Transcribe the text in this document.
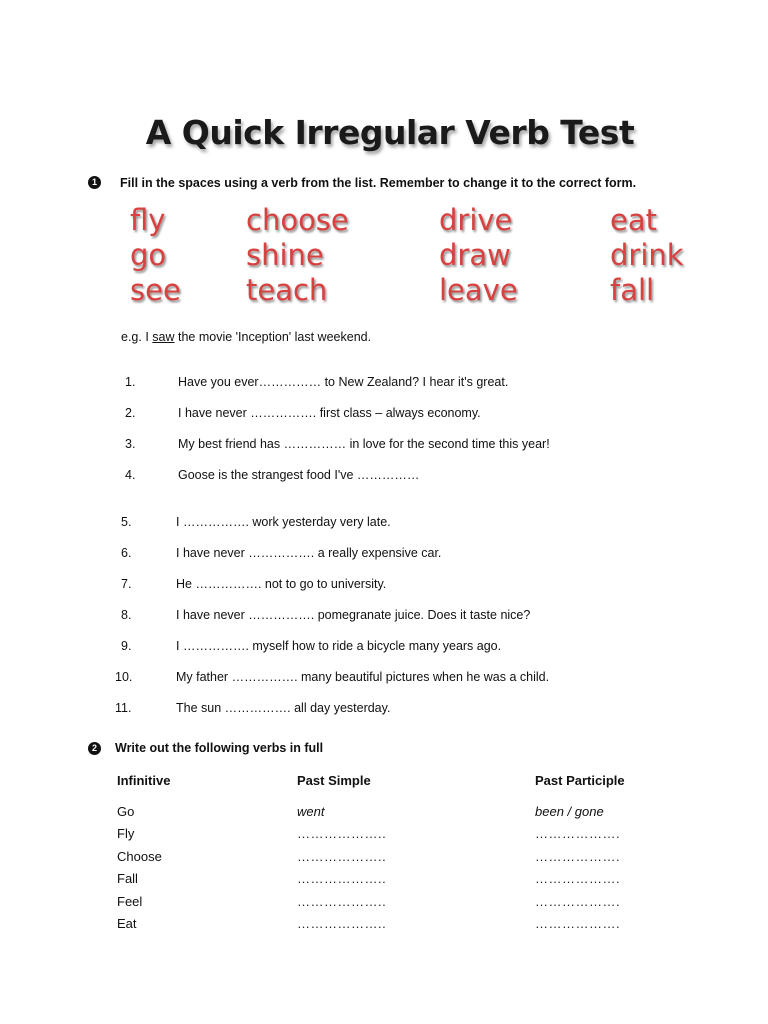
A Quick Irregular Verb Test
1	Fill in the spaces using a verb from the list. Remember to change it to the correct form.
fly
go
see
choose
shine
teach
drive
draw
leave
eat
drink
fall
e.g. I saw the movie 'Inception' last weekend.
1.	Have you ever…………… to New Zealand? I hear it's great.
2.	I have never ……………. first class – always economy.
3.	My best friend has …………… in love for the second time this year!
4.	Goose is the strangest food I've ……………
5.	I ……………. work yesterday very late.
6.	I have never ……………. a really expensive car.
7.	He ……………. not to go to university.
8.	I have never ……………. pomegranate juice. Does it taste nice?
9.	I ……………. myself how to ride a bicycle many years ago.
10.	My father ……………. many beautiful pictures when he was a child.
11.	The sun ……………. all day yesterday.
2	Write out the following verbs in full
Infinitive	Past Simple	Past Participle
Go	went	been / gone
Fly	………………..	……………….
Choose	………………..	……………….
Fall	………………..	……………….
Feel	………………..	……………….
Eat	………………..	……………….
